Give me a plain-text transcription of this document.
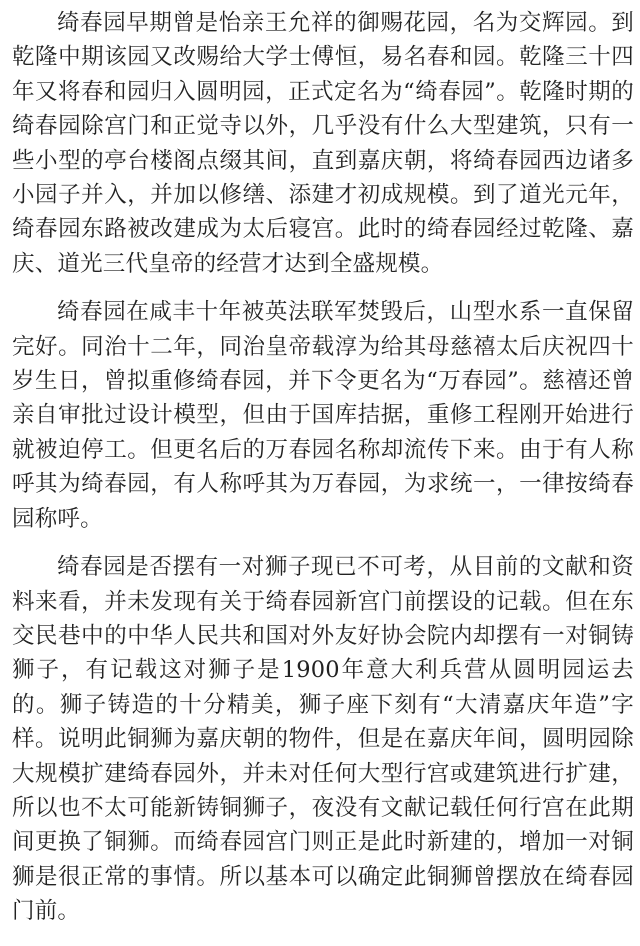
绮春园早期曾是怡亲王允祥的御赐花园，名为交辉园。到乾隆中期该园又改赐给大学士傅恒，易名春和园。乾隆三十四年又将春和园归入圆明园，正式定名为“绮春园”。乾隆时期的绮春园除宫门和正觉寺以外，几乎没有什么大型建筑，只有一些小型的亭台楼阁点缀其间，直到嘉庆朝，将绮春园西边诸多小园子并入，并加以修缮、添建才初成规模。到了道光元年，绮春园东路被改建成为太后寝宫。此时的绮春园经过乾隆、嘉庆、道光三代皇帝的经营才达到全盛规模。

绮春园在咸丰十年被英法联军焚毁后，山型水系一直保留完好。同治十二年，同治皇帝载淳为给其母慈禧太后庆祝四十岁生日，曾拟重修绮春园，并下令更名为“万春园”。慈禧还曾亲自审批过设计模型，但由于国库拮据，重修工程刚开始进行就被迫停工。但更名后的万春园名称却流传下来。由于有人称呼其为绮春园，有人称呼其为万春园，为求统一，一律按绮春园称呼。

绮春园是否摆有一对狮子现已不可考，从目前的文献和资料来看，并未发现有关于绮春园新宫门前摆设的记载。但在东交民巷中的中华人民共和国对外友好协会院内却摆有一对铜铸狮子，有记载这对狮子是1900年意大利兵营从圆明园运去的。狮子铸造的十分精美，狮子座下刻有“大清嘉庆年造”字样。说明此铜狮为嘉庆朝的物件，但是在嘉庆年间，圆明园除大规模扩建绮春园外，并未对任何大型行宫或建筑进行扩建，所以也不太可能新铸铜狮子，夜没有文献记载任何行宫在此期间更换了铜狮。而绮春园宫门则正是此时新建的，增加一对铜狮是很正常的事情。所以基本可以确定此铜狮曾摆放在绮春园门前。
